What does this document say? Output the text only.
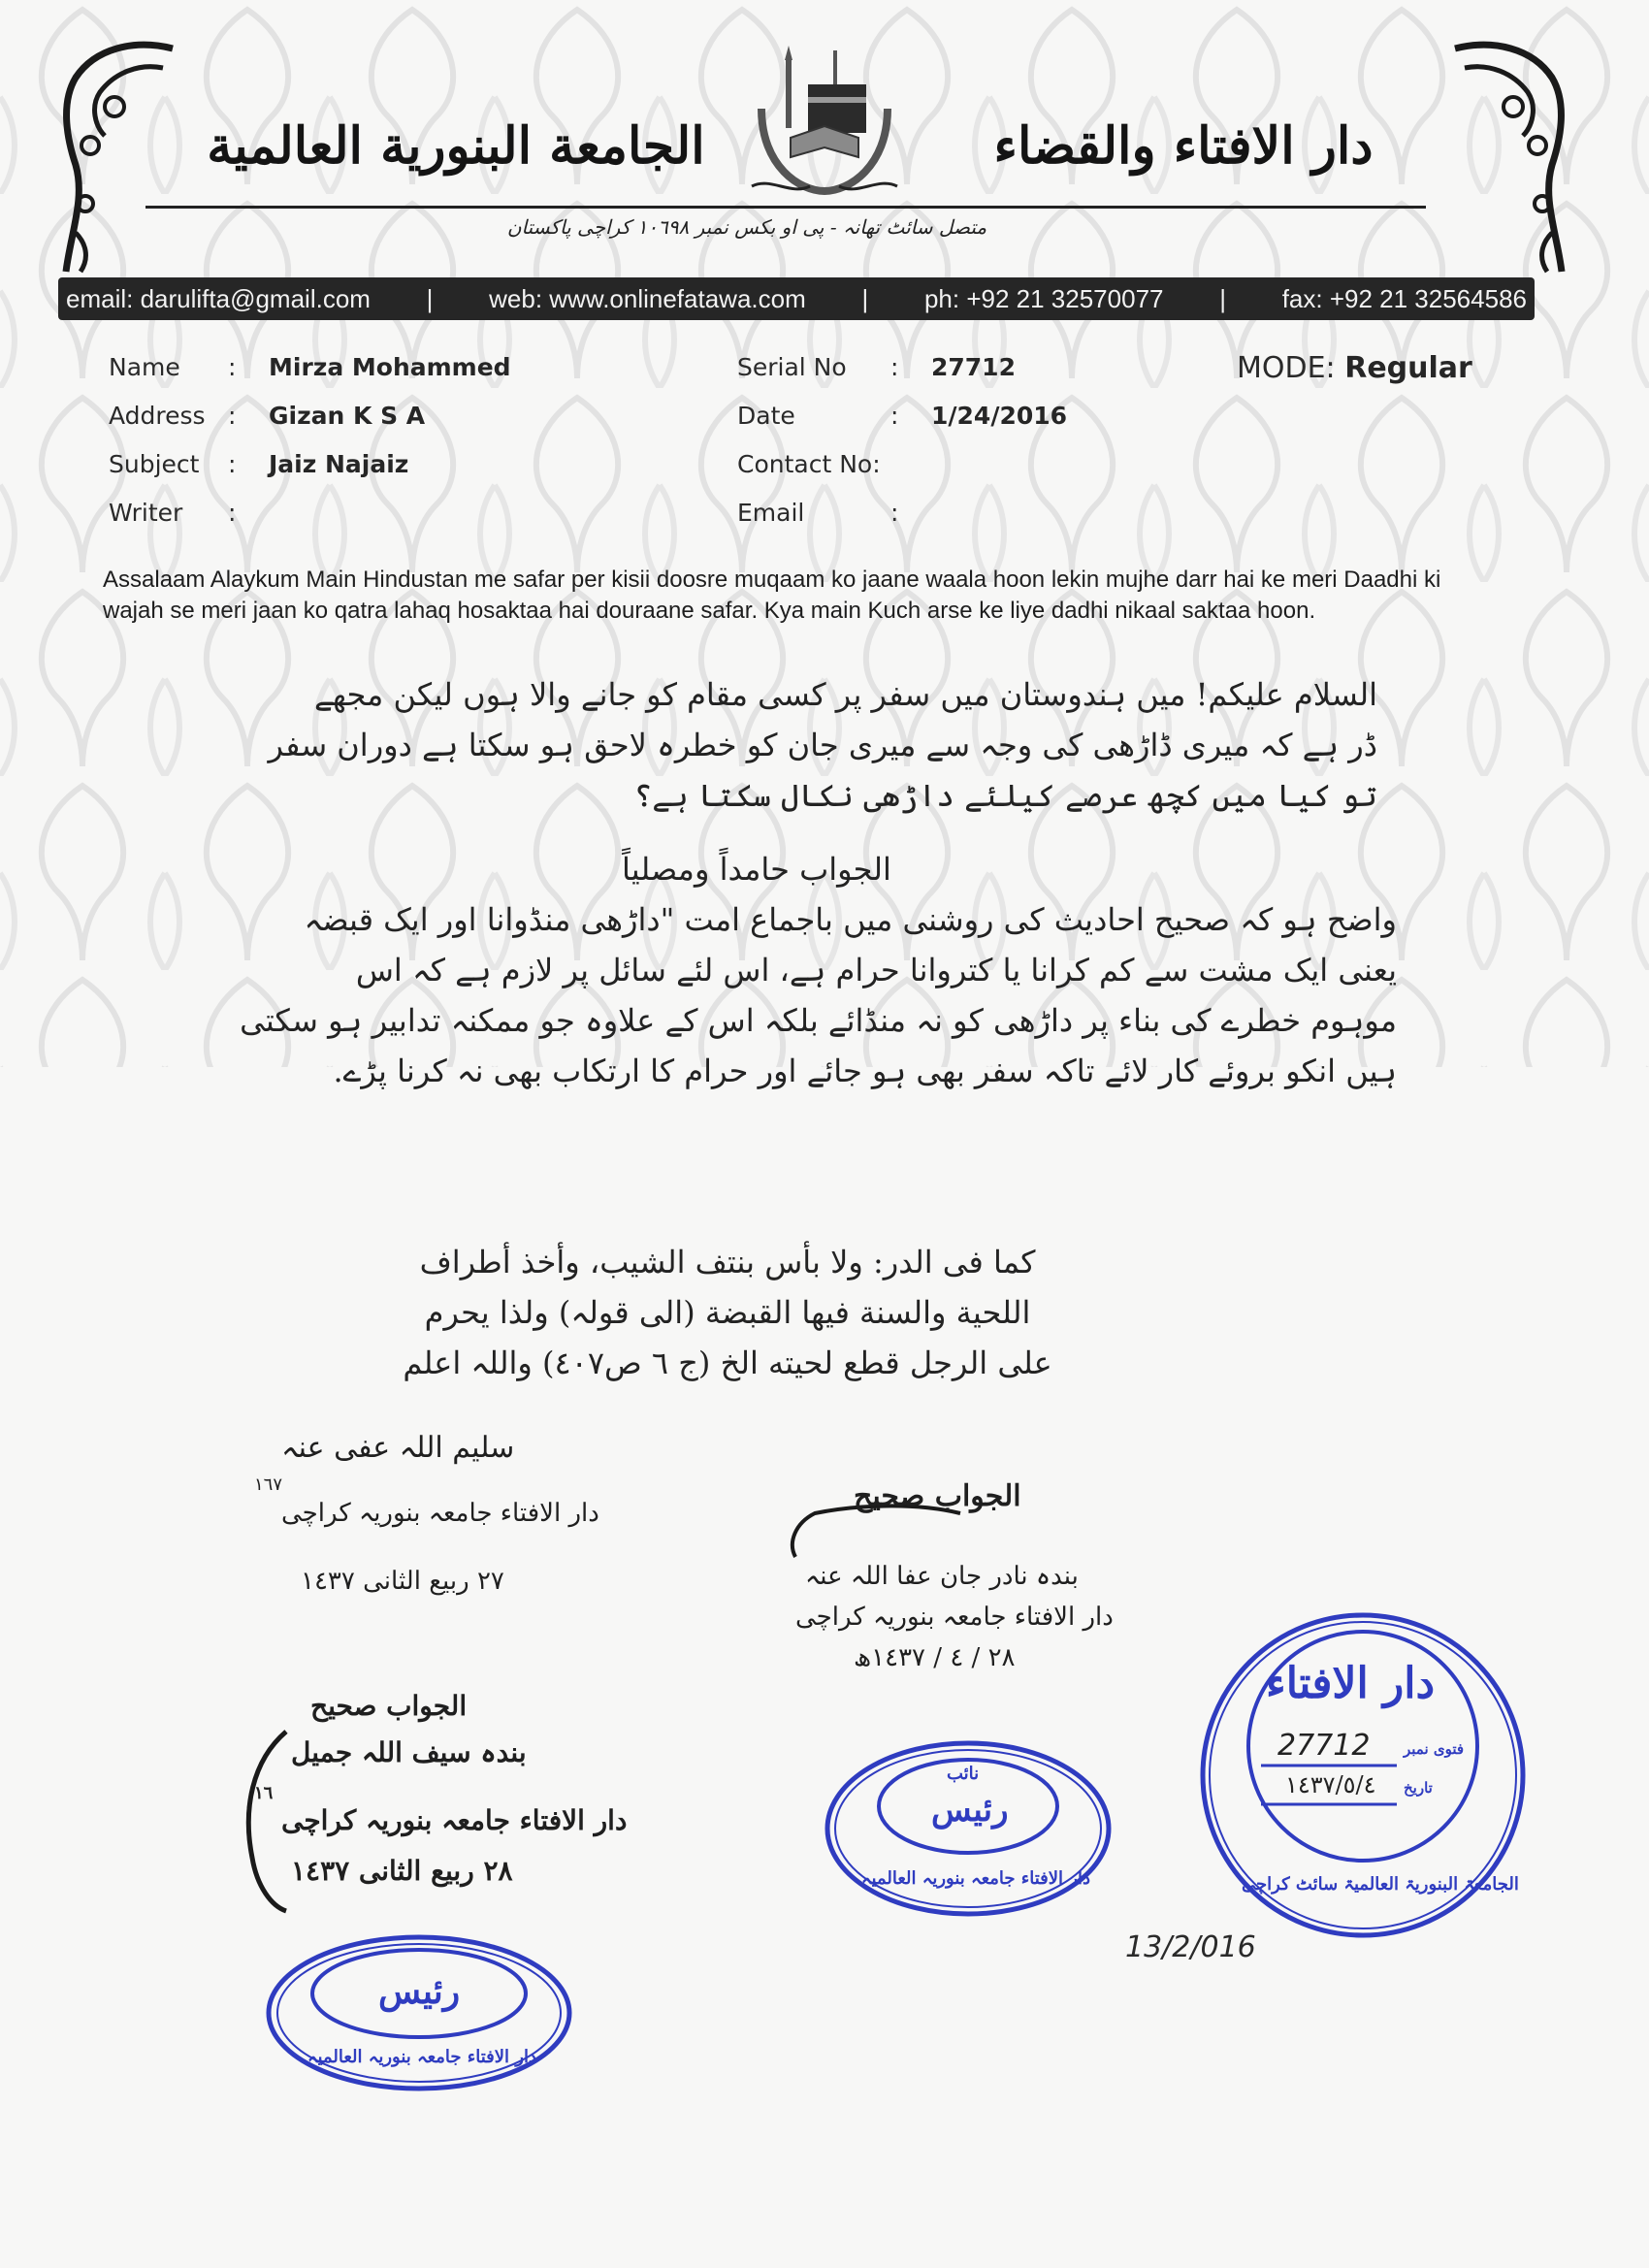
الجامعة البنورية العالمية	دار الافتاء والقضاء
متصل سائٹ تھانہ - پی او بکس نمبر ١٠٦٩٨ کراچی پاکستان
email: darulifta@gmail.com | web: www.onlinefatawa.com | ph: +92 21 32570077 | fax: +92 21 32564586
Name : Mirza Mohammed
Address : Gizan K S A
Subject : Jaiz Najaiz
Writer :
Serial No : 27712
Date	: 1/24/2016
Contact No:
Email	:
MODE: Regular
Assalaam Alaykum Main Hindustan me safar per kisii doosre muqaam ko jaane waala hoon lekin mujhe darr hai ke meri Daadhi ki wajah se meri jaan ko qatra lahaq hosaktaa hai douraane safar. Kya main Kuch arse ke liye dadhi nikaal saktaa hoon.
السلام علیکم! میں ہندوستان میں سفر پر کسی مقام کو جانے والا ہوں لیکن مجھے
ڈر ہے کہ میری ڈاڑھی کی وجہ سے میری جان کو خطرہ لاحق ہو سکتا ہے دوران سفر
تو کیا میں کچھ عرصے کیلئے داڑھی نکال سکتا ہے؟
الجواب حامداً ومصلیاً
واضح ہو کہ صحیح احادیث کی روشنی میں باجماع امت "داڑھی منڈوانا اور ایک قبضہ
یعنی ایک مشت سے کم کرانا یا کتروانا حرام ہے، اس لئے سائل پر لازم ہے کہ اس
موہوم خطرے کی بناء پر داڑھی کو نہ منڈائے بلکہ اس کے علاوہ جو ممکنہ تدابیر ہو سکتی
ہیں انکو بروئے کار لائے تاکہ سفر بھی ہو جائے اور حرام کا ارتکاب بھی نہ کرنا پڑے.
کما فی الدر: ولا بأس بنتف الشیب، وأخذ أطراف
اللحیة والسنة فیها القبضة (الی قولہ) ولذا یحرم
علی الرجل قطع لحیته الخ (ج ٦ ص٤٠٧) واللہ اعلم
سلیم اللہ عفی عنہ
١٦٧
دار الافتاء جامعہ بنوریہ کراچی
٢٧ ربیع الثانی ١٤٣٧
الجواب صحیح
بندہ نادر جان عفا اللہ عنہ
دار الافتاء جامعہ بنوریہ کراچی
٢٨ / ٤ / ١٤٣٧ھ
الجواب صحیح
بندہ سیف اللہ جمیل
١٦
دار الافتاء جامعہ بنوریہ کراچی
٢٨ ربیع الثانی ١٤٣٧
نائب
رئیس
دار الافتاء جامعہ بنوریہ العالمیہ
13/2/016
رئیس
دار الافتاء جامعہ بنوریہ العالمیہ
دار الافتاء
فتوی نمبر
27712
تاریخ
١٤٣٧/٥/٤
الجامعۃ البنوریۃ العالمیۃ سائٹ کراچی
